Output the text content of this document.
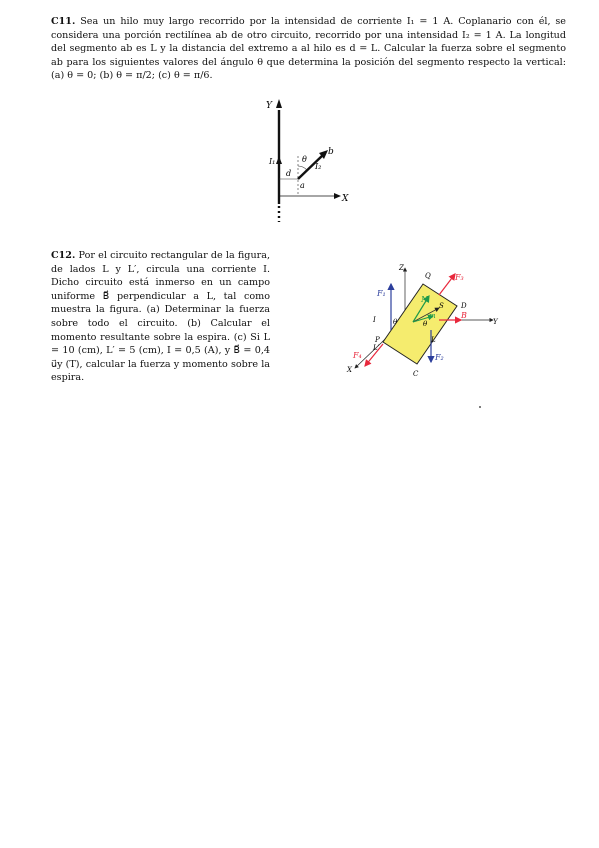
C11. Sea un hilo muy largo recorrido por la intensidad de corriente I₁ = 1 A. Coplanario con él, se considera una porción rectilínea ab de otro circuito, recorrido por una intensidad I₂ = 1 A. La longitud del segmento ab es L y la distancia del extremo a al hilo es d = L. Calcular la fuerza sobre el segmento ab para los siguientes valores del ángulo θ que determina la posición del segmento respecto la vertical: (a) θ = 0; (b) θ = π/2; (c) θ = π/6.

Y
X
I₁
I₂
d
θ
a
b

C12. Por el circuito rectangular de la figura, de lados L y L′, circula una corriente I. Dicho circuito está inmerso en un campo uniforme B⃗ perpendicular a L, tal como muestra la figura. (a) Determinar la fuerza sobre todo el circuito. (b) Calcular el momento resultante sobre la espira. (c) Si L = 10 (cm), L′ = 5 (cm), I = 0,5 (A), y B⃗ = 0,4 u⃗y (T), calcular la fuerza y momento sobre la espira.

Z
Y
X
Q
P
C
D
F₁
F₂
F₃
F₄
N
m
S
B
L
L′
I θ	θ
